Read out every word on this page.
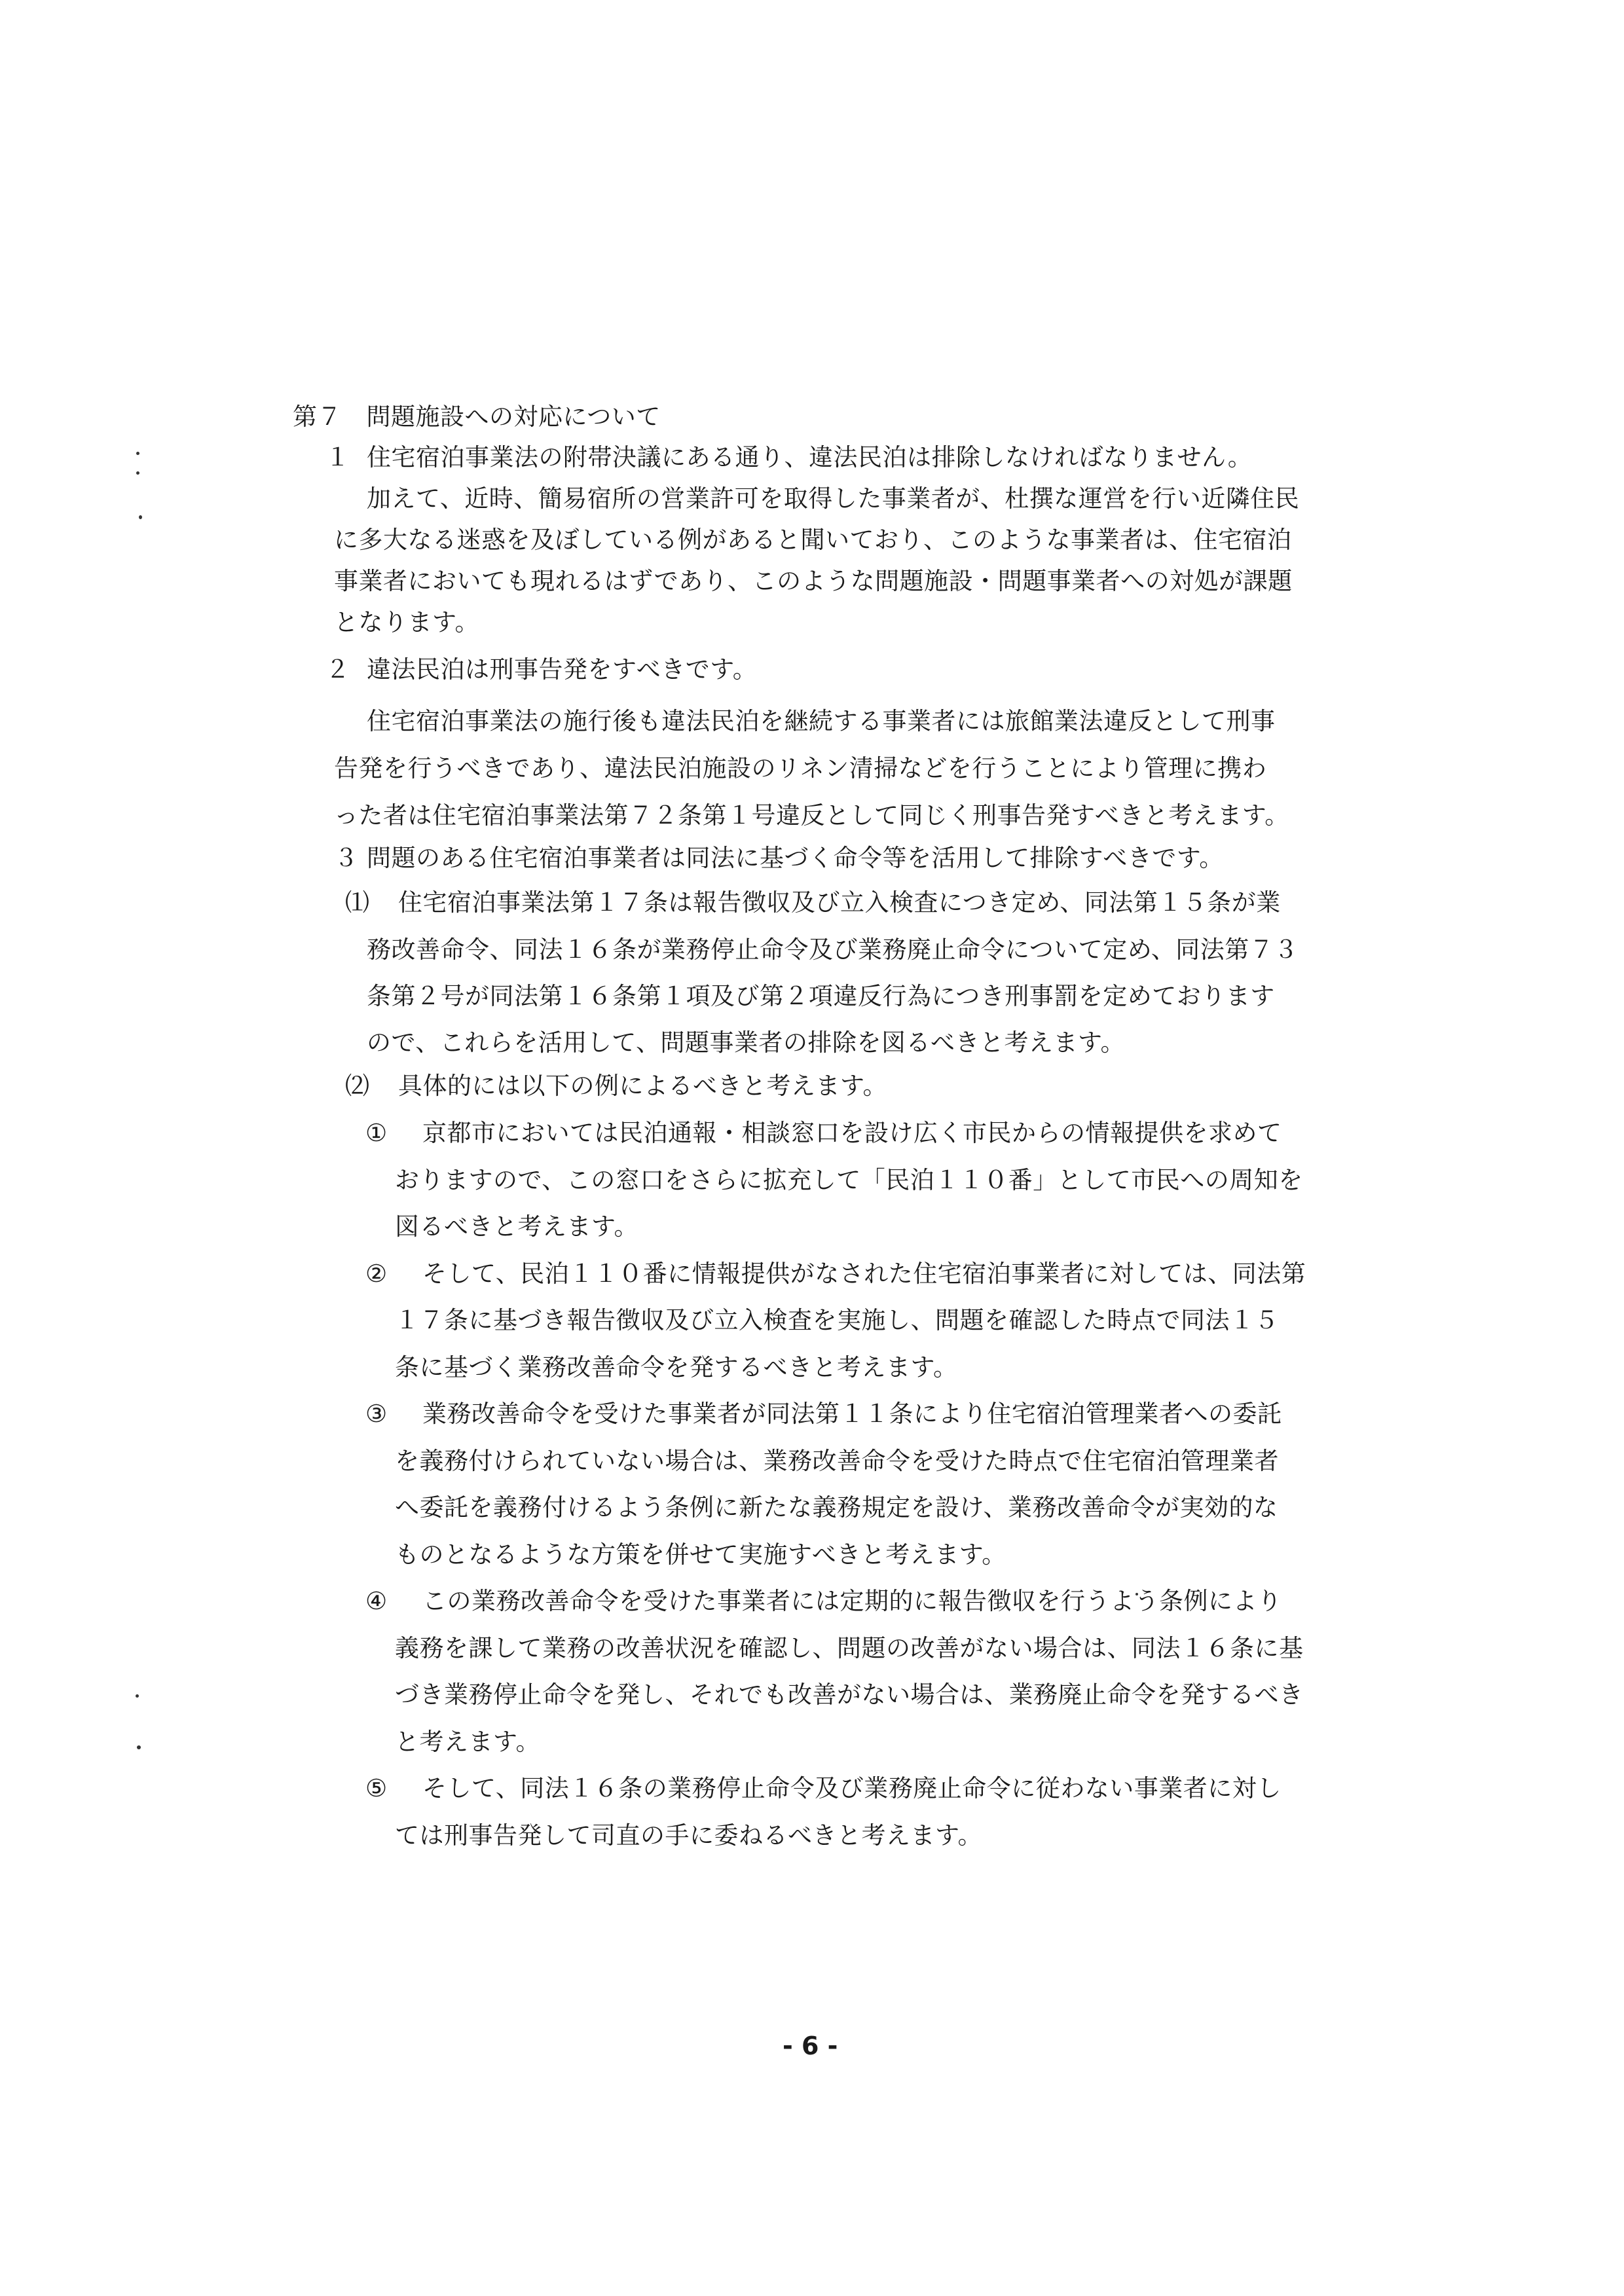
第７　問題施設への対応について
１ 住宅宿泊事業法の附帯決議にある通り、違法民泊は排除しなければなりません。
加えて、近時、簡易宿所の営業許可を取得した事業者が、杜撰な運営を行い近隣住民
に多大なる迷惑を及ぼしている例があると聞いており、このような事業者は、住宅宿泊
事業者においても現れるはずであり、このような問題施設・問題事業者への対処が課題
となります。
２ 違法民泊は刑事告発をすべきです。
住宅宿泊事業法の施行後も違法民泊を継続する事業者には旅館業法違反として刑事
告発を行うべきであり、違法民泊施設のリネン清掃などを行うことにより管理に携わ
った者は住宅宿泊事業法第７２条第１号違反として同じく刑事告発すべきと考えます。
３ 問題のある住宅宿泊事業者は同法に基づく命令等を活用して排除すべきです。
⑴ 住宅宿泊事業法第１７条は報告徴収及び立入検査につき定め、同法第１５条が業
務改善命令、同法１６条が業務停止命令及び業務廃止命令について定め、同法第７３
条第２号が同法第１６条第１項及び第２項違反行為につき刑事罰を定めております
ので、これらを活用して、問題事業者の排除を図るべきと考えます。
⑵ 具体的には以下の例によるべきと考えます。
① 京都市においては民泊通報・相談窓口を設け広く市民からの情報提供を求めて
おりますので、この窓口をさらに拡充して「民泊１１０番」として市民への周知を
図るべきと考えます。
② そして、民泊１１０番に情報提供がなされた住宅宿泊事業者に対しては、同法第
１７条に基づき報告徴収及び立入検査を実施し、問題を確認した時点で同法１５
条に基づく業務改善命令を発するべきと考えます。
③ 業務改善命令を受けた事業者が同法第１１条により住宅宿泊管理業者への委託
を義務付けられていない場合は、業務改善命令を受けた時点で住宅宿泊管理業者
へ委託を義務付けるよう条例に新たな義務規定を設け、業務改善命令が実効的な
ものとなるような方策を併せて実施すべきと考えます。
④ この業務改善命令を受けた事業者には定期的に報告徴収を行うよう条例により
義務を課して業務の改善状況を確認し、問題の改善がない場合は、同法１６条に基
づき業務停止命令を発し、それでも改善がない場合は、業務廃止命令を発するべき
と考えます。
⑤ そして、同法１６条の業務停止命令及び業務廃止命令に従わない事業者に対し
ては刑事告発して司直の手に委ねるべきと考えます。
- 6 -
